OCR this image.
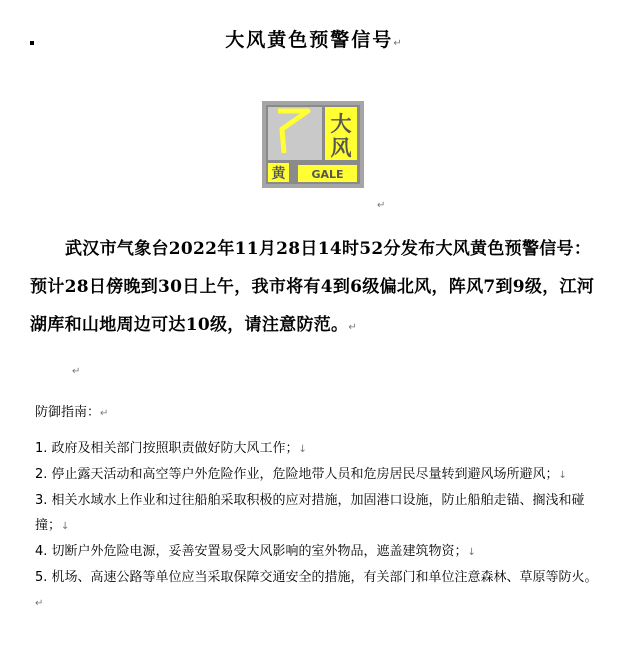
大风黄色预警信号↵
大
风
黄 GALE
↵
武汉市气象台2022年11月28日14时52分发布大风黄色预警信号：预计28日傍晚到30日上午，我市将有4到6级偏北风，阵风7到9级，江河湖库和山地周边可达10级，请注意防范。↵
↵
防御指南：↵
1. 政府及相关部门按照职责做好防大风工作；↓
2. 停止露天活动和高空等户外危险作业，危险地带人员和危房居民尽量转到避风场所避风；↓
3. 相关水域水上作业和过往船舶采取积极的应对措施，加固港口设施，防止船舶走锚、搁浅和碰撞；↓
4. 切断户外危险电源，妥善安置易受大风影响的室外物品，遮盖建筑物资；↓
5. 机场、高速公路等单位应当采取保障交通安全的措施，有关部门和单位注意森林、草原等防火。↵
